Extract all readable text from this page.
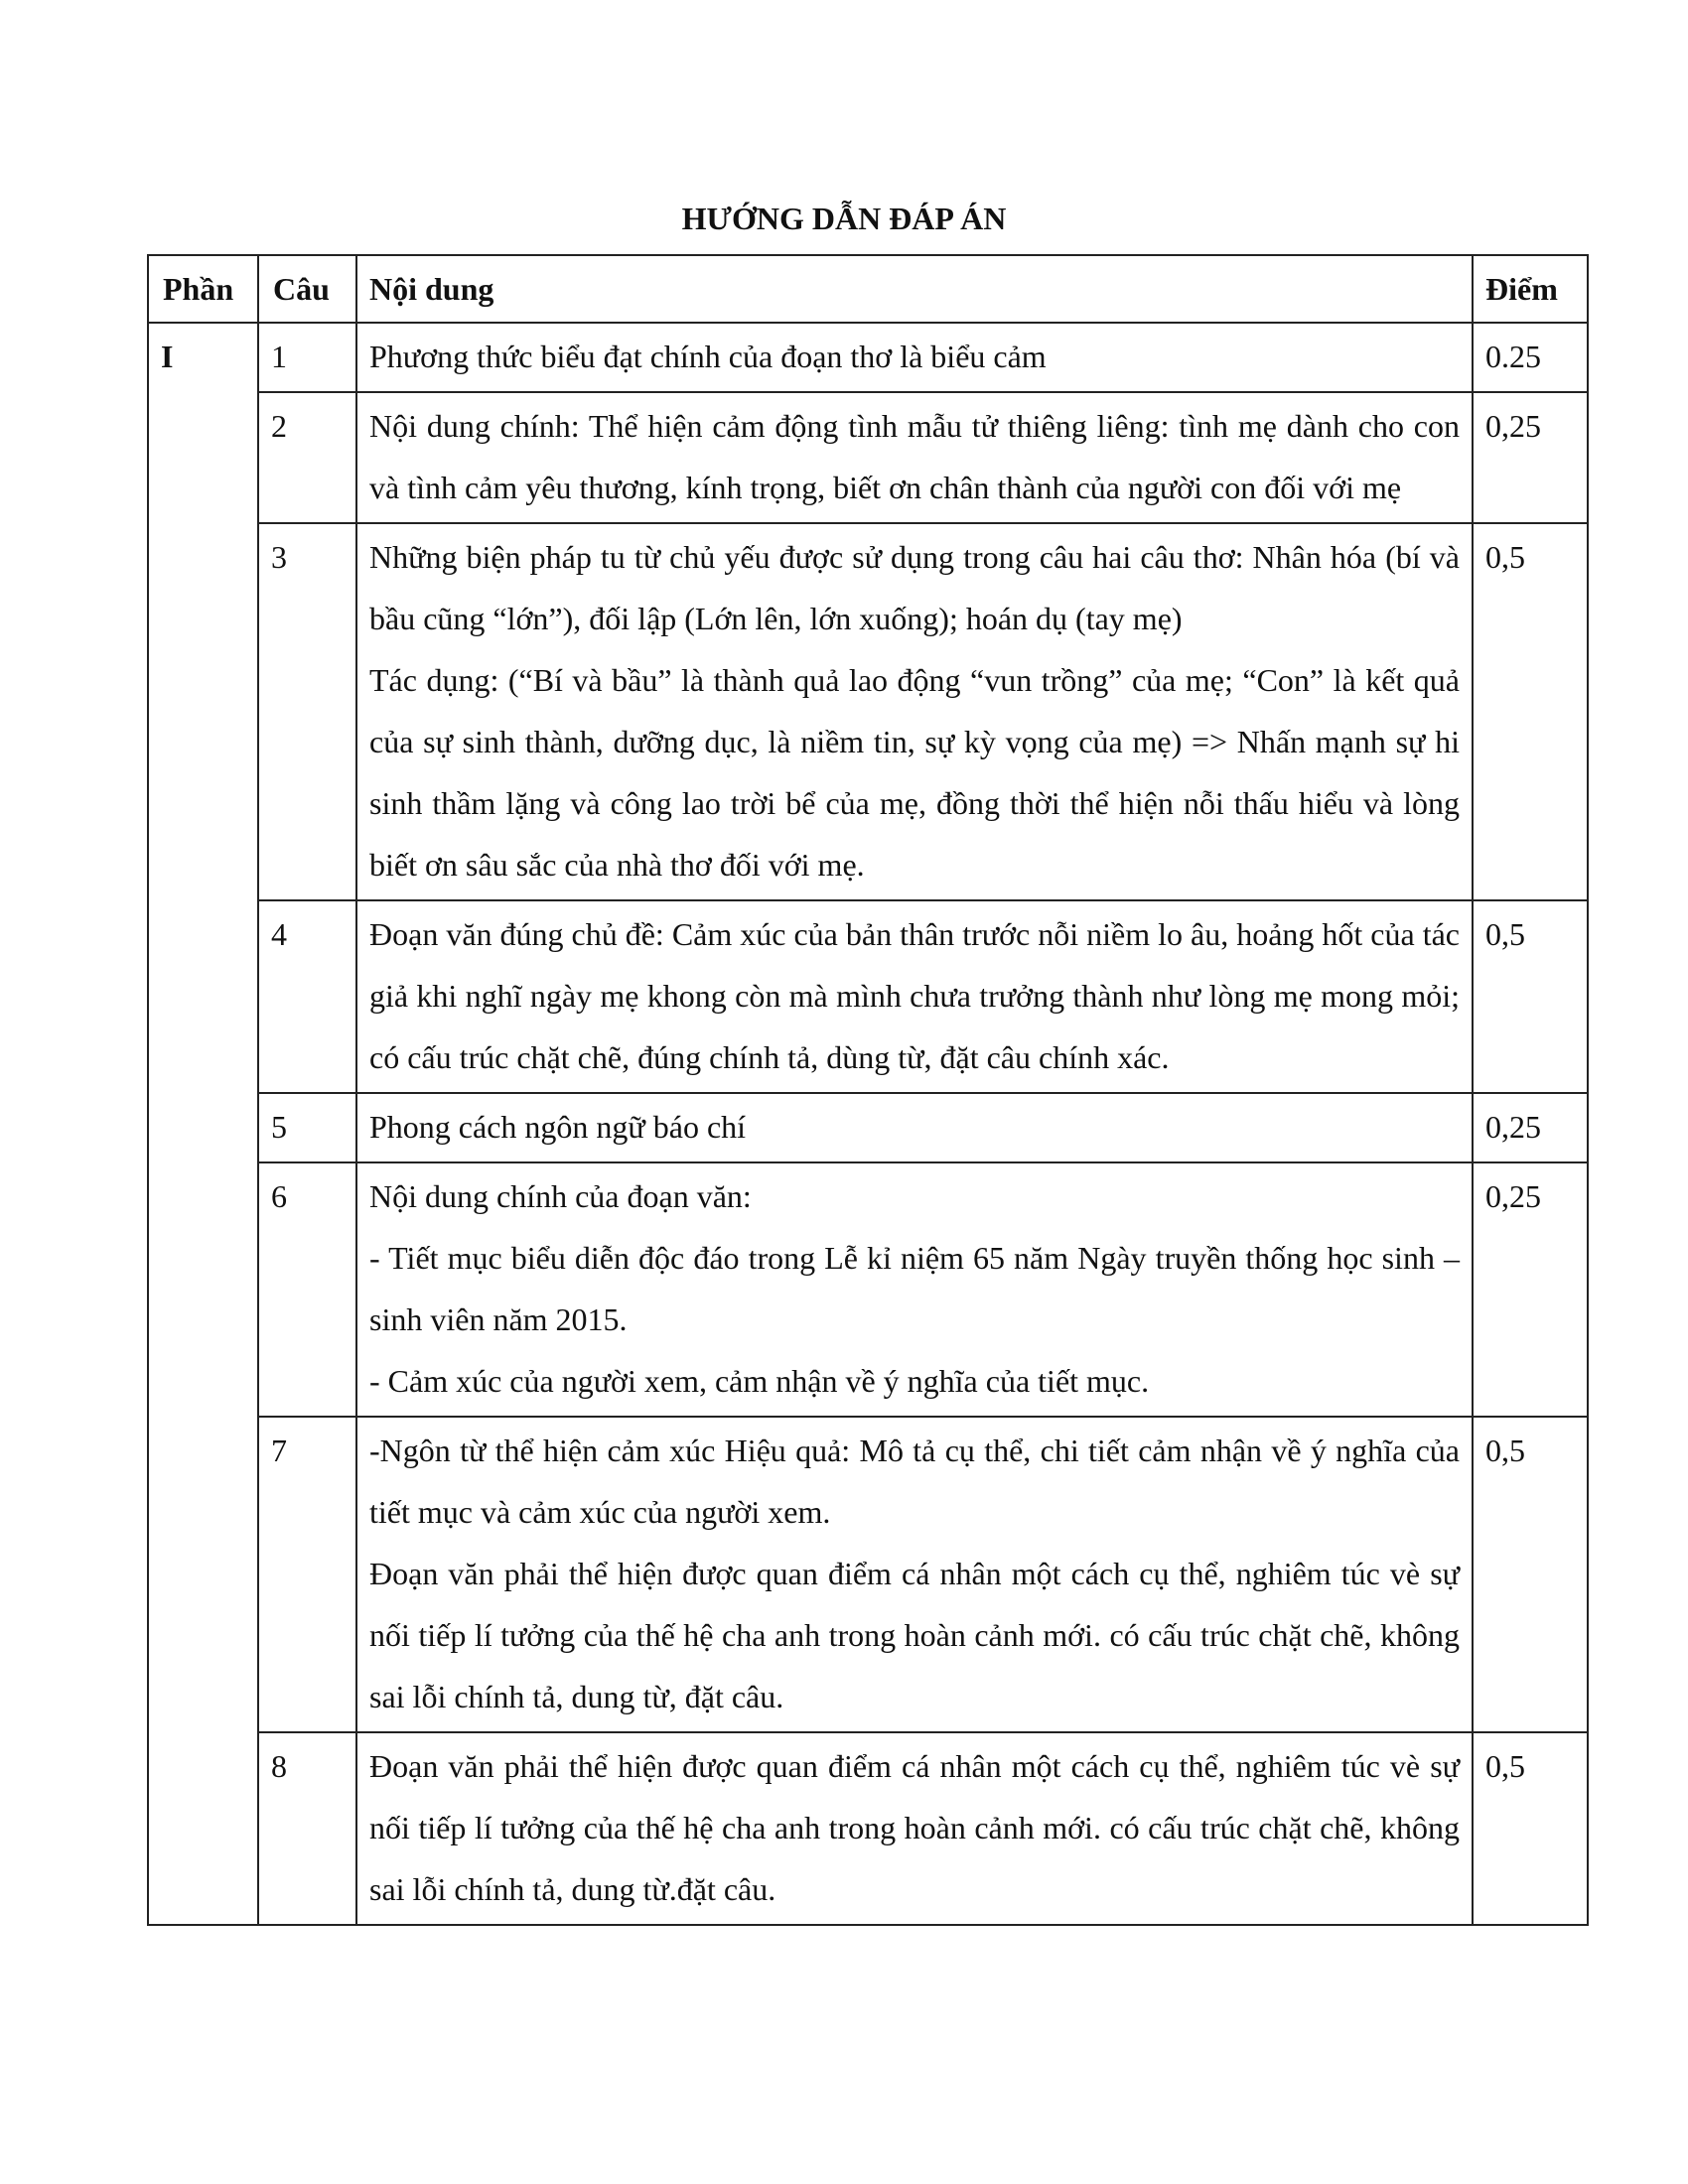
HƯỚNG DẪN ĐÁP ÁN
Phần	Câu	Nội dung	Điểm
I	1	Phương thức biểu đạt chính của đoạn thơ là biểu cảm	0.25
	2	Nội dung chính: Thể hiện cảm động tình mẫu tử thiêng liêng: tình mẹ dành cho con và tình cảm yêu thương, kính trọng, biết ơn chân thành của người con đối với mẹ	0,25
	3	Những biện pháp tu từ chủ yếu được sử dụng trong câu hai câu thơ: Nhân hóa (bí và bầu cũng “lớn”), đối lập (Lớn lên, lớn xuống); hoán dụ (tay mẹ)
Tác dụng: (“Bí và bầu” là thành quả lao động “vun trồng” của mẹ; “Con” là kết quả của sự sinh thành, dưỡng dục, là niềm tin, sự kỳ vọng của mẹ) => Nhấn mạnh sự hi sinh thầm lặng và công lao trời bể của mẹ, đồng thời thể hiện nỗi thấu hiểu và lòng biết ơn sâu sắc của nhà thơ đối với mẹ.	0,5
	4	Đoạn văn đúng chủ đề: Cảm xúc của bản thân trước nỗi niềm lo âu, hoảng hốt của tác giả khi nghĩ ngày mẹ khong còn mà mình chưa trưởng thành như lòng mẹ mong mỏi; có cấu trúc chặt chẽ, đúng chính tả, dùng từ, đặt câu chính xác.	0,5
	5	Phong cách ngôn ngữ báo chí	0,25
	6	Nội dung chính của đoạn văn:
- Tiết mục biểu diễn độc đáo trong Lễ kỉ niệm 65 năm Ngày truyền thống học sinh – sinh viên năm 2015.
- Cảm xúc của người xem, cảm nhận về ý nghĩa của tiết mục.	0,25
	7	-Ngôn từ thể hiện cảm xúc Hiệu quả: Mô tả cụ thể, chi tiết cảm nhận về ý nghĩa của tiết mục và cảm xúc của người xem.
Đoạn văn phải thể hiện được quan điểm cá nhân một cách cụ thể, nghiêm túc vè sự nối tiếp lí tưởng của thế hệ cha anh trong hoàn cảnh mới. có cấu trúc chặt chẽ, không sai lỗi chính tả, dung từ, đặt câu.	0,5
	8	Đoạn văn phải thể hiện được quan điểm cá nhân một cách cụ thể, nghiêm túc vè sự nối tiếp lí tưởng của thế hệ cha anh trong hoàn cảnh mới. có cấu trúc chặt chẽ, không sai lỗi chính tả, dung từ.đặt câu.	0,5
